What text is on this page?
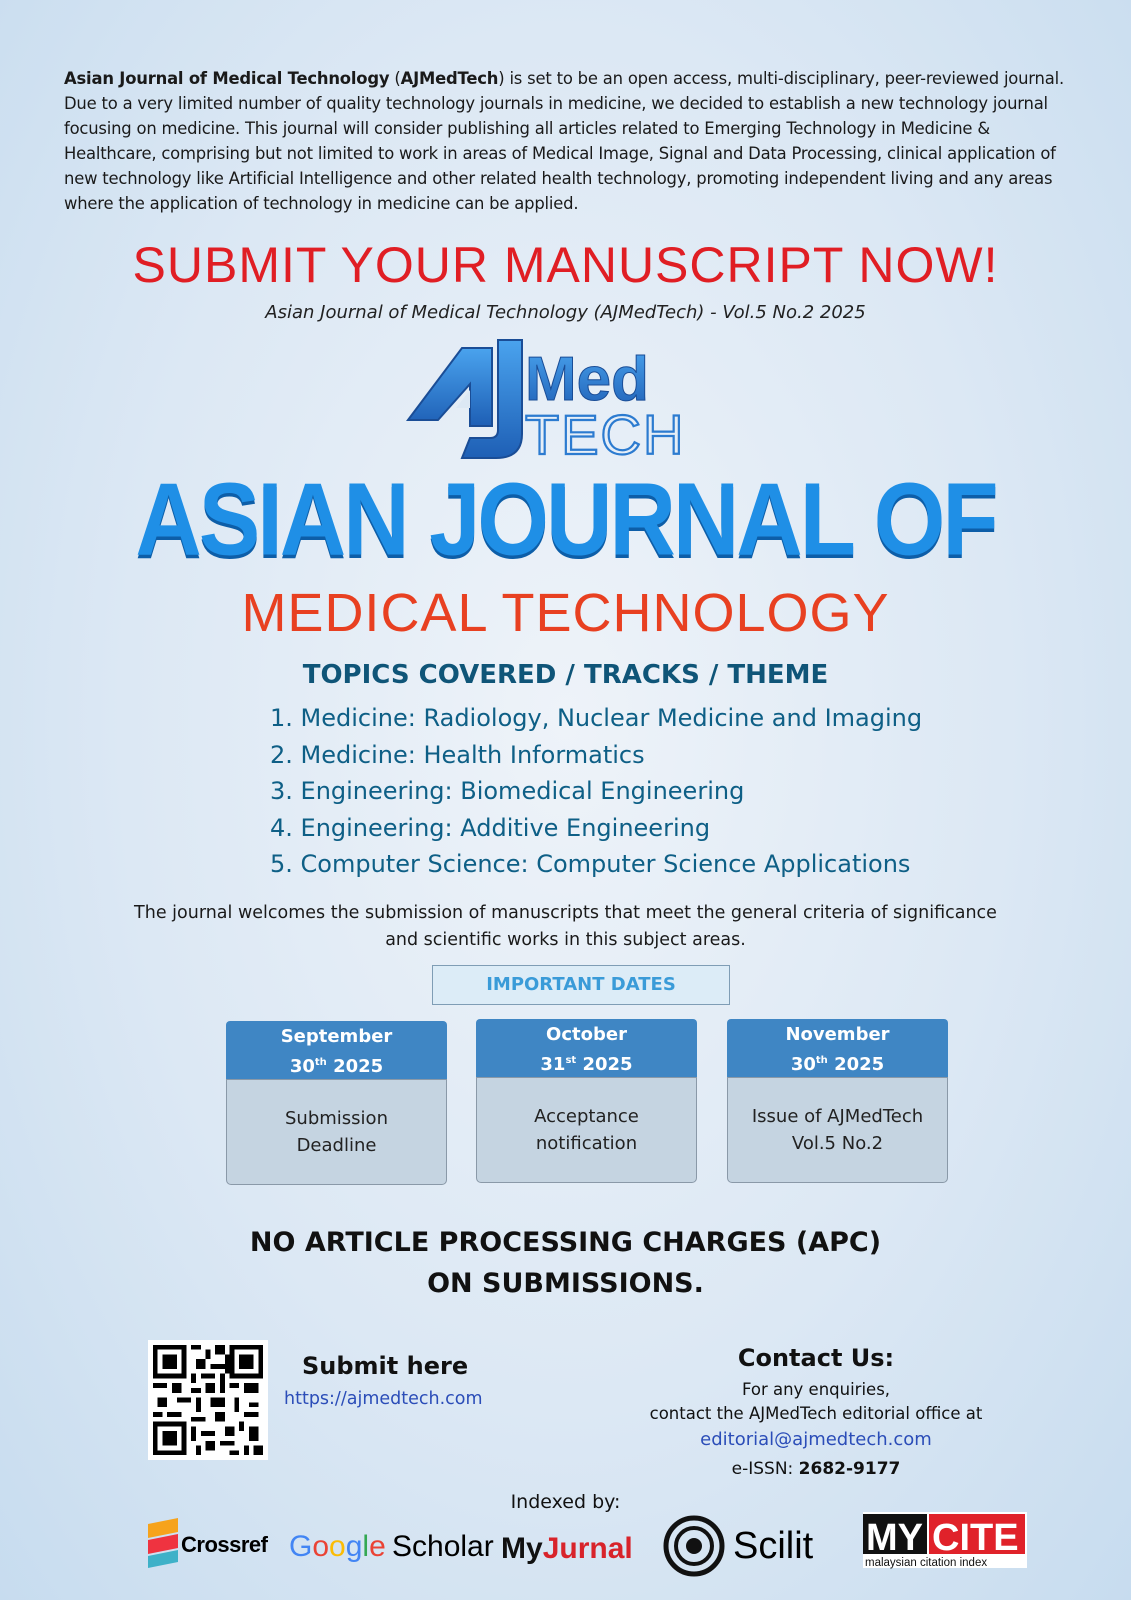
Asian Journal of Medical Technology (AJMedTech) is set to be an open access, multi-disciplinary, peer-reviewed journal. Due to a very limited number of quality technology journals in medicine, we decided to establish a new technology journal focusing on medicine. This journal will consider publishing all articles related to Emerging Technology in Medicine & Healthcare, comprising but not limited to work in areas of Medical Image, Signal and Data Processing, clinical application of new technology like Artificial Intelligence and other related health technology, promoting independent living and any areas where the application of technology in medicine can be applied.
SUBMIT YOUR MANUSCRIPT NOW!
Asian Journal of Medical Technology (AJMedTech) - Vol.5 No.2 2025
Med
TECH
ASIAN JOURNAL OF
MEDICAL TECHNOLOGY
TOPICS COVERED / TRACKS / THEME
1. Medicine: Radiology, Nuclear Medicine and Imaging
2. Medicine: Health Informatics
3. Engineering: Biomedical Engineering
4. Engineering: Additive Engineering
5. Computer Science: Computer Science Applications
The journal welcomes the submission of manuscripts that meet the general criteria of significance
and scientific works in this subject areas.
IMPORTANT DATES
September
30th 2025
Submission Deadline
October
31st 2025
Acceptance notification
November
30th 2025
Issue of AJMedTech Vol.5 No.2
NO ARTICLE PROCESSING CHARGES (APC)
ON SUBMISSIONS.
Submit here
https://ajmedtech.com
Contact Us:
For any enquiries,
contact the AJMedTech editorial office at
editorial@ajmedtech.com
e-ISSN: 2682-9177
Indexed by:
Crossref Google Scholar MyJurnal	Scilit MY CITE
malaysian citation index
